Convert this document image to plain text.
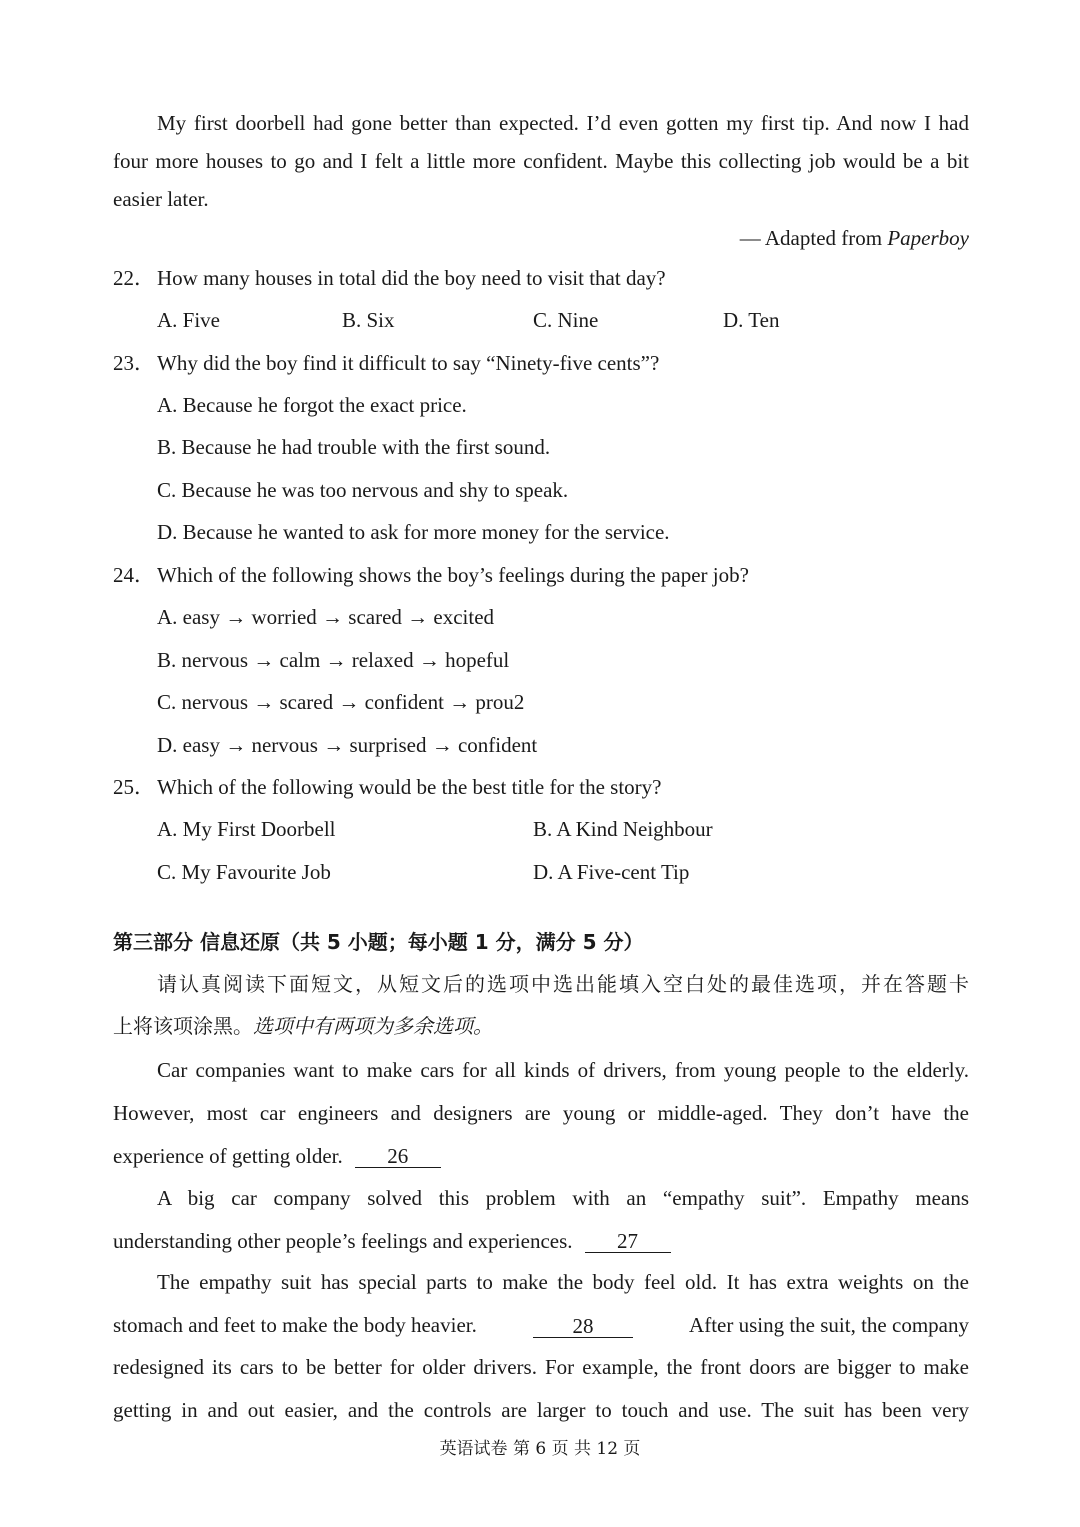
My first doorbell had gone better than expected. I’d even gotten my first tip. And now I had
four more houses to go and I felt a little more confident. Maybe this collecting job would be a bit
easier later.
— Adapted from Paperboy
22．How many houses in total did the boy need to visit that day?
A. Five	B. Six	C. Nine	D. Ten
23．Why did the boy find it difficult to say “Ninety-five cents”?
A. Because he forgot the exact price.
B. Because he had trouble with the first sound.
C. Because he was too nervous and shy to speak.
D. Because he wanted to ask for more money for the service.
24．Which of the following shows the boy’s feelings during the paper job?
A. easy → worried → scared → excited
B. nervous → calm → relaxed → hopeful
C. nervous → scared → confident → prou2
D. easy → nervous → surprised → confident
25．Which of the following would be the best title for the story?
A. My First Doorbell	B. A Kind Neighbour
C. My Favourite Job	D. A Five-cent Tip
第三部分 信息还原（共 5 小题；每小题 1 分，满分 5 分）
请认真阅读下面短文，从短文后的选项中选出能填入空白处的最佳选项，并在答题卡
上将该项涂黑。选项中有两项为多余选项。
Car companies want to make cars for all kinds of drivers, from young people to the elderly.
However, most car engineers and designers are young or middle-aged. They don’t have the
experience of getting older. 26
A big car company solved this problem with an “empathy suit”. Empathy means
understanding other people’s feelings and experiences. 27
The empathy suit has special parts to make the body feel old. It has extra weights on the
stomach and feet to make the body heavier.	28	After using the suit, the company
redesigned its cars to be better for older drivers. For example, the front doors are bigger to make
getting in and out easier, and the controls are larger to touch and use. The suit has been very
英语试卷 第 6 页 共 12 页
